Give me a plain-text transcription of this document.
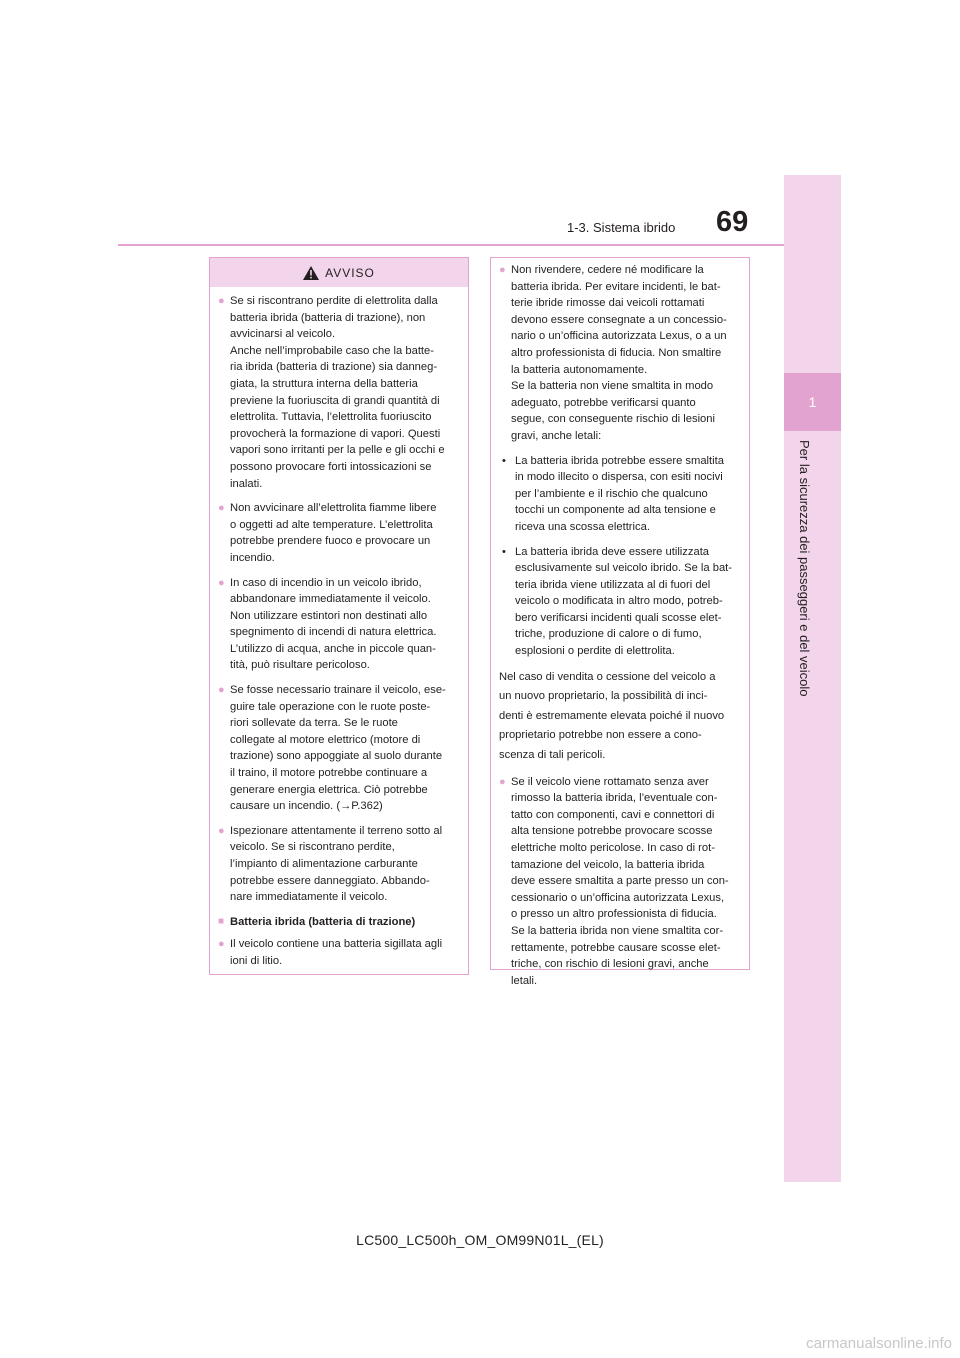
1
Per la sicurezza dei passeggeri e del veicolo
1-3. Sistema ibrido 69
AVVISO
● Se si riscontrano perdite di elettrolita dalla
batteria ibrida (batteria di trazione), non
avvicinarsi al veicolo.
Anche nell’improbabile caso che la batte-
ria ibrida (batteria di trazione) sia danneg-
giata, la struttura interna della batteria
previene la fuoriuscita di grandi quantità di
elettrolita. Tuttavia, l’elettrolita fuoriuscito
provocherà la formazione di vapori. Questi
vapori sono irritanti per la pelle e gli occhi e
possono provocare forti intossicazioni se
inalati.
● Non avvicinare all’elettrolita fiamme libere
o oggetti ad alte temperature. L’elettrolita
potrebbe prendere fuoco e provocare un
incendio.
● In caso di incendio in un veicolo ibrido,
abbandonare immediatamente il veicolo.
Non utilizzare estintori non destinati allo
spegnimento di incendi di natura elettrica.
L’utilizzo di acqua, anche in piccole quan-
tità, può risultare pericoloso.
● Se fosse necessario trainare il veicolo, ese-
guire tale operazione con le ruote poste-
riori sollevate da terra. Se le ruote
collegate al motore elettrico (motore di
trazione) sono appoggiate al suolo durante
il traino, il motore potrebbe continuare a
generare energia elettrica. Ciò potrebbe
causare un incendio. (→P.362)
● Ispezionare attentamente il terreno sotto al
veicolo. Se si riscontrano perdite,
l’impianto di alimentazione carburante
potrebbe essere danneggiato. Abbando-
nare immediatamente il veicolo.
■ Batteria ibrida (batteria di trazione)
● Il veicolo contiene una batteria sigillata agli
ioni di litio.
● Non rivendere, cedere né modificare la
batteria ibrida. Per evitare incidenti, le bat-
terie ibride rimosse dai veicoli rottamati
devono essere consegnate a un concessio-
nario o un’officina autorizzata Lexus, o a un
altro professionista di fiducia. Non smaltire
la batteria autonomamente.
Se la batteria non viene smaltita in modo
adeguato, potrebbe verificarsi quanto
segue, con conseguente rischio di lesioni
gravi, anche letali:
• La batteria ibrida potrebbe essere smaltita
in modo illecito o dispersa, con esiti nocivi
per l’ambiente e il rischio che qualcuno
tocchi un componente ad alta tensione e
riceva una scossa elettrica.
• La batteria ibrida deve essere utilizzata
esclusivamente sul veicolo ibrido. Se la bat-
teria ibrida viene utilizzata al di fuori del
veicolo o modificata in altro modo, potreb-
bero verificarsi incidenti quali scosse elet-
triche, produzione di calore o di fumo,
esplosioni o perdite di elettrolita.
Nel caso di vendita o cessione del veicolo a
un nuovo proprietario, la possibilità di inci-
denti è estremamente elevata poiché il nuovo
proprietario potrebbe non essere a cono-
scenza di tali pericoli.
● Se il veicolo viene rottamato senza aver
rimosso la batteria ibrida, l’eventuale con-
tatto con componenti, cavi e connettori di
alta tensione potrebbe provocare scosse
elettriche molto pericolose. In caso di rot-
tamazione del veicolo, la batteria ibrida
deve essere smaltita a parte presso un con-
cessionario o un’officina autorizzata Lexus,
o presso un altro professionista di fiducia.
Se la batteria ibrida non viene smaltita cor-
rettamente, potrebbe causare scosse elet-
triche, con rischio di lesioni gravi, anche
letali.
LC500_LC500h_OM_OM99N01L_(EL)
carmanualsonline.info
